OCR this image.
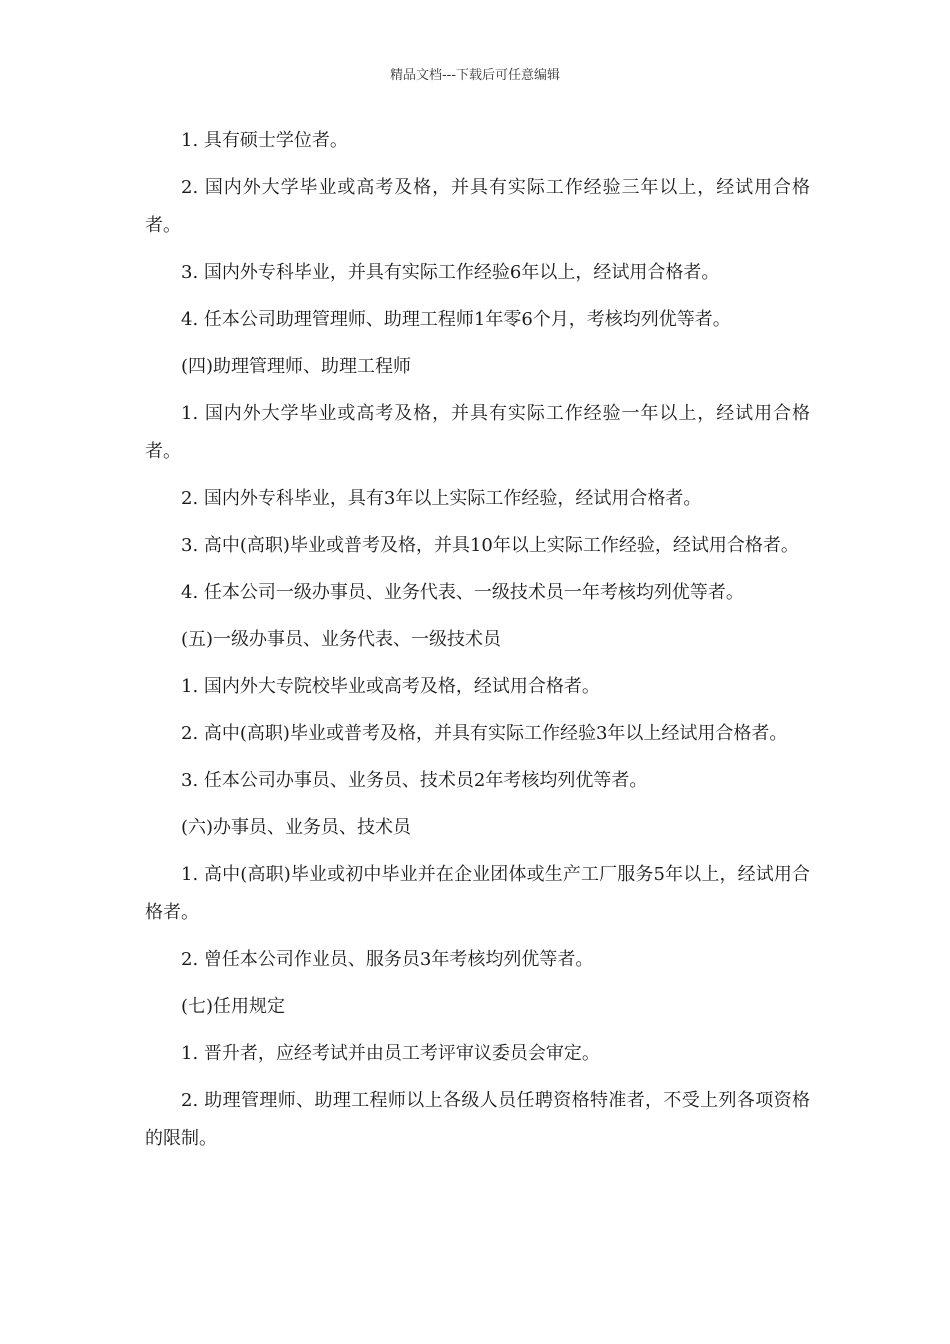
精品文档---下载后可任意编辑

1. 具有硕士学位者。

2. 国内外大学毕业或高考及格，并具有实际工作经验三年以上，经试用合格者。

3. 国内外专科毕业，并具有实际工作经验6年以上，经试用合格者。

4. 任本公司助理管理师、助理工程师1年零6个月，考核均列优等者。

(四)助理管理师、助理工程师

1. 国内外大学毕业或高考及格，并具有实际工作经验一年以上，经试用合格者。

2. 国内外专科毕业，具有3年以上实际工作经验，经试用合格者。

3. 高中(高职)毕业或普考及格，并具10年以上实际工作经验，经试用合格者。

4. 任本公司一级办事员、业务代表、一级技术员一年考核均列优等者。

(五)一级办事员、业务代表、一级技术员

1. 国内外大专院校毕业或高考及格，经试用合格者。

2. 高中(高职)毕业或普考及格，并具有实际工作经验3年以上经试用合格者。

3. 任本公司办事员、业务员、技术员2年考核均列优等者。

(六)办事员、业务员、技术员

1. 高中(高职)毕业或初中毕业并在企业团体或生产工厂服务5年以上，经试用合格者。

2. 曾任本公司作业员、服务员3年考核均列优等者。

(七)任用规定

1. 晋升者，应经考试并由员工考评审议委员会审定。

2. 助理管理师、助理工程师以上各级人员任聘资格特准者，不受上列各项资格的限制。
